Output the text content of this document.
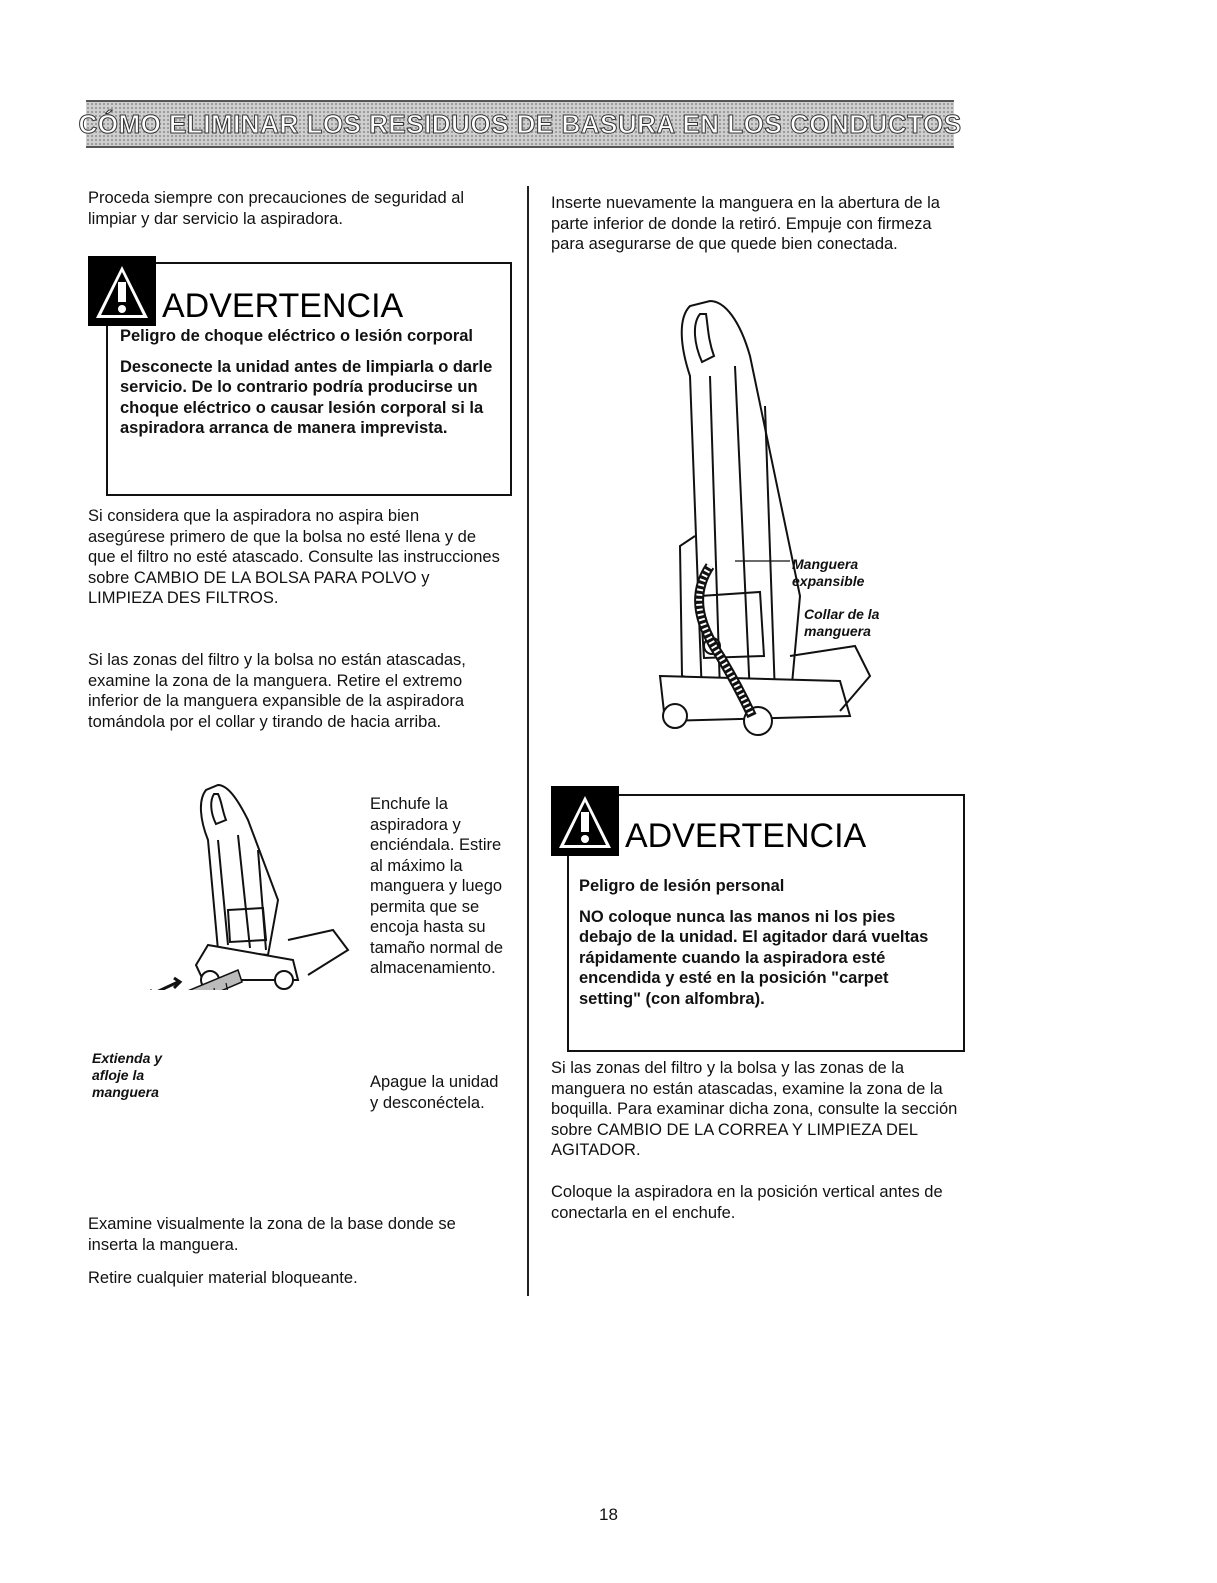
CÓMO ELIMINAR LOS RESIDUOS DE BASURA EN LOS CONDUCTOS

Proceda siempre con precauciones de seguridad al limpiar y dar servicio la aspiradora.

ADVERTENCIA

Peligro de choque eléctrico o lesión corporal

Desconecte la unidad antes de limpiarla o darle servicio. De lo contrario podría producirse un choque eléctrico o causar lesión corporal si la aspiradora arranca de manera imprevista.

Si considera que la aspiradora no aspira bien asegúrese primero de que la bolsa no esté llena y de que el filtro no esté atascado. Consulte las instrucciones sobre CAMBIO DE LA BOLSA PARA POLVO y LIMPIEZA DES FILTROS.

Si las zonas del filtro y la bolsa no están atascadas, examine la zona de la manguera. Retire el extremo inferior de la manguera expansible de la aspiradora tomándola por el collar y tirando de hacia arriba.

Extienda y afloje la manguera

Enchufe la aspiradora y enciéndala. Estire al máximo la manguera y luego permita que se encoja hasta su tamaño normal de almacenamiento.

Apague la unidad y desconéctela.

Examine visualmente la zona de la base donde se inserta la manguera.

Retire cualquier material bloqueante.

Inserte nuevamente la manguera en la abertura de la parte inferior de donde la retiró. Empuje con firmeza para asegurarse de que quede bien conectada.

Manguera expansible
Collar de la manguera
ADVERTENCIA

Peligro de lesión personal

NO coloque nunca las manos ni los pies debajo de la unidad. El agitador dará vueltas rápidamente cuando la aspiradora esté encendida y esté en la posición "carpet setting" (con alfombra).

Si las zonas del filtro y la bolsa y las zonas de la manguera no están atascadas, examine la zona de la boquilla. Para examinar dicha zona, consulte la sección sobre CAMBIO DE LA CORREA Y LIMPIEZA DEL AGITADOR.

Coloque la aspiradora en la posición vertical antes de conectarla en el enchufe.

18
